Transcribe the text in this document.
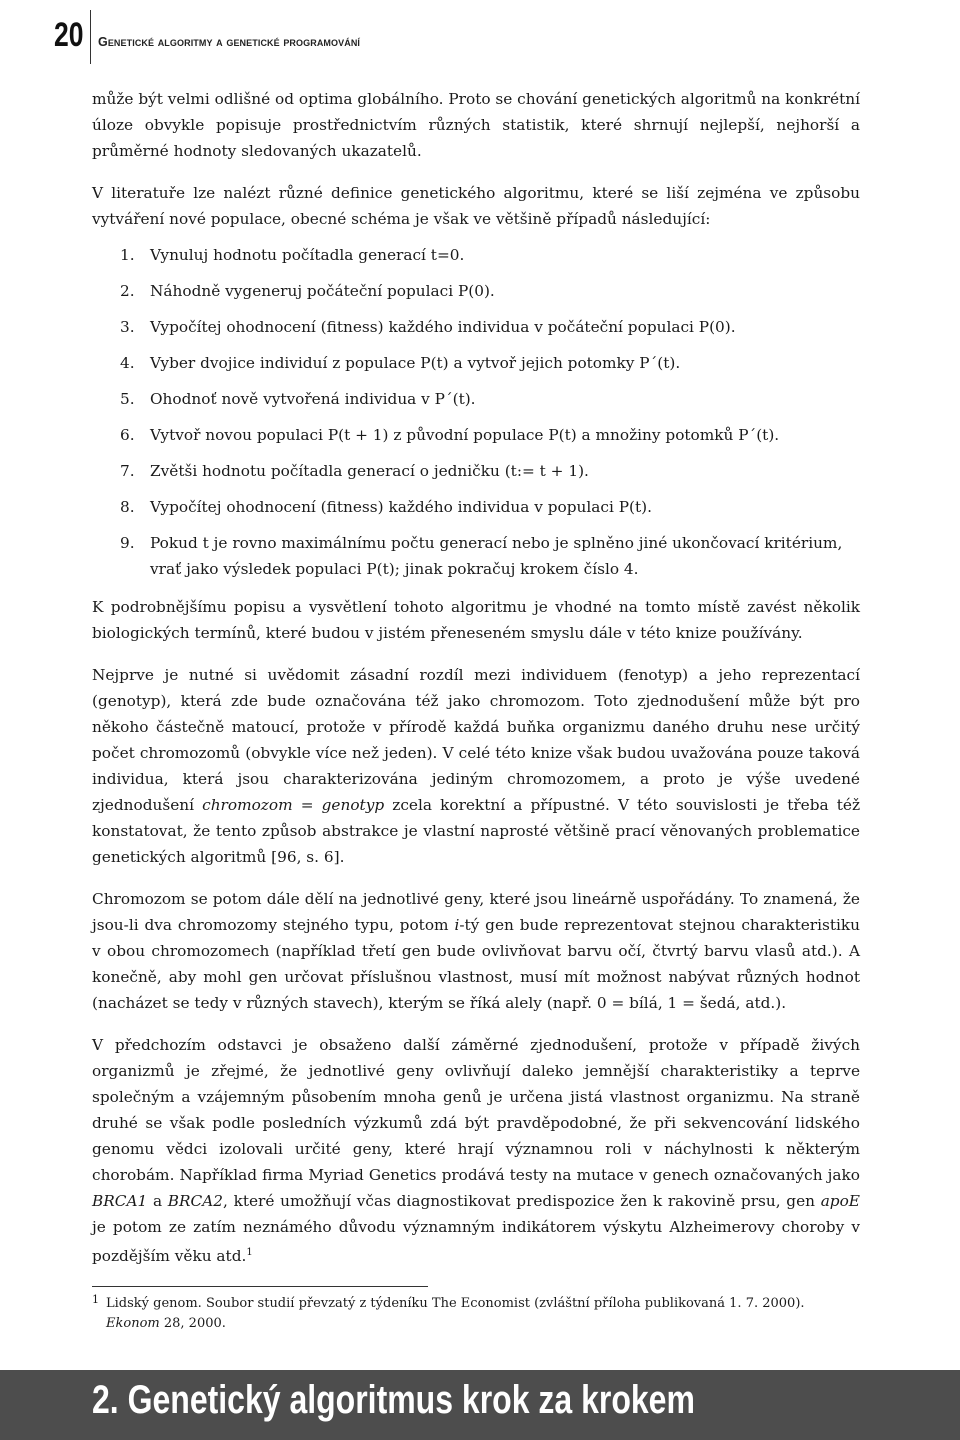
20 Genetické algoritmy a genetické programování

může být velmi odlišné od optima globálního. Proto se chování genetických algoritmů na konkrétní úloze obvykle popisuje prostřednictvím různých statistik, které shrnují nejlepší, nejhorší a průměrné hodnoty sledovaných ukazatelů.

V literatuře lze nalézt různé definice genetického algoritmu, které se liší zejména ve způsobu vytváření nové populace, obecné schéma je však ve většině případů následující:

1.	Vynuluj hodnotu počítadla generací t=0.
2.	Náhodně vygeneruj počáteční populaci P(0).
3.	Vypočítej ohodnocení (fitness) každého individua v počáteční populaci P(0).
4.	Vyber dvojice individuí z populace P(t) a vytvoř jejich potomky P´(t).
5.	Ohodnoť nově vytvořená individua v P´(t).
6.	Vytvoř novou populaci P(t + 1) z původní populace P(t) a množiny potomků P´(t).
7.	Zvětši hodnotu počítadla generací o jedničku (t:= t + 1).
8.	Vypočítej ohodnocení (fitness) každého individua v populaci P(t).
9.	Pokud t je rovno maximálnímu počtu generací nebo je splněno jiné ukončovací kritérium, vrať jako výsledek populaci P(t); jinak pokračuj krokem číslo 4.

K podrobnějšímu popisu a vysvětlení tohoto algoritmu je vhodné na tomto místě zavést několik biologických termínů, které budou v jistém přeneseném smyslu dále v této knize používány.

Nejprve je nutné si uvědomit zásadní rozdíl mezi individuem (fenotyp) a jeho reprezentací (genotyp), která zde bude označována též jako chromozom. Toto zjednodušení může být pro někoho částečně matoucí, protože v přírodě každá buňka organizmu daného druhu nese určitý počet chromozomů (obvykle více než jeden). V celé této knize však budou uvažována pouze taková individua, která jsou charakterizována jediným chromozomem, a proto je výše uvedené zjednodušení chromozom = genotyp zcela korektní a přípustné. V této souvislosti je třeba též konstatovat, že tento způsob abstrakce je vlastní naprosté většině prací věnovaných problematice genetických algoritmů [96, s. 6].

Chromozom se potom dále dělí na jednotlivé geny, které jsou lineárně uspořádány. To znamená, že jsou-li dva chromozomy stejného typu, potom i-tý gen bude reprezentovat stejnou charakteristiku v obou chromozomech (například třetí gen bude ovlivňovat barvu očí, čtvrtý barvu vlasů atd.). A konečně, aby mohl gen určovat příslušnou vlastnost, musí mít možnost nabývat různých hodnot (nacházet se tedy v různých stavech), kterým se říká alely (např. 0 = bílá, 1 = šedá, atd.).

V předchozím odstavci je obsaženo další záměrné zjednodušení, protože v případě živých organizmů je zřejmé, že jednotlivé geny ovlivňují daleko jemnější charakteristiky a teprve společným a vzájemným působením mnoha genů je určena jistá vlastnost organizmu. Na straně druhé se však podle posledních výzkumů zdá být pravděpodobné, že při sekvencování lidského genomu vědci izolovali určité geny, které hrají významnou roli v náchylnosti k některým chorobám. Například firma Myriad Genetics prodává testy na mutace v genech označovaných jako BRCA1 a BRCA2, které umožňují včas diagnostikovat predispozice žen k rakovině prsu, gen apoE je potom ze zatím neznámého důvodu významným indikátorem výskytu Alzheimerovy choroby v pozdějším věku atd.$^1$

1 Lidský genom. Soubor studií převzatý z týdeníku The Economist (zvláštní příloha publikovaná 1. 7. 2000).
Ekonom 28, 2000.
2. Genetický algoritmus krok za krokem
